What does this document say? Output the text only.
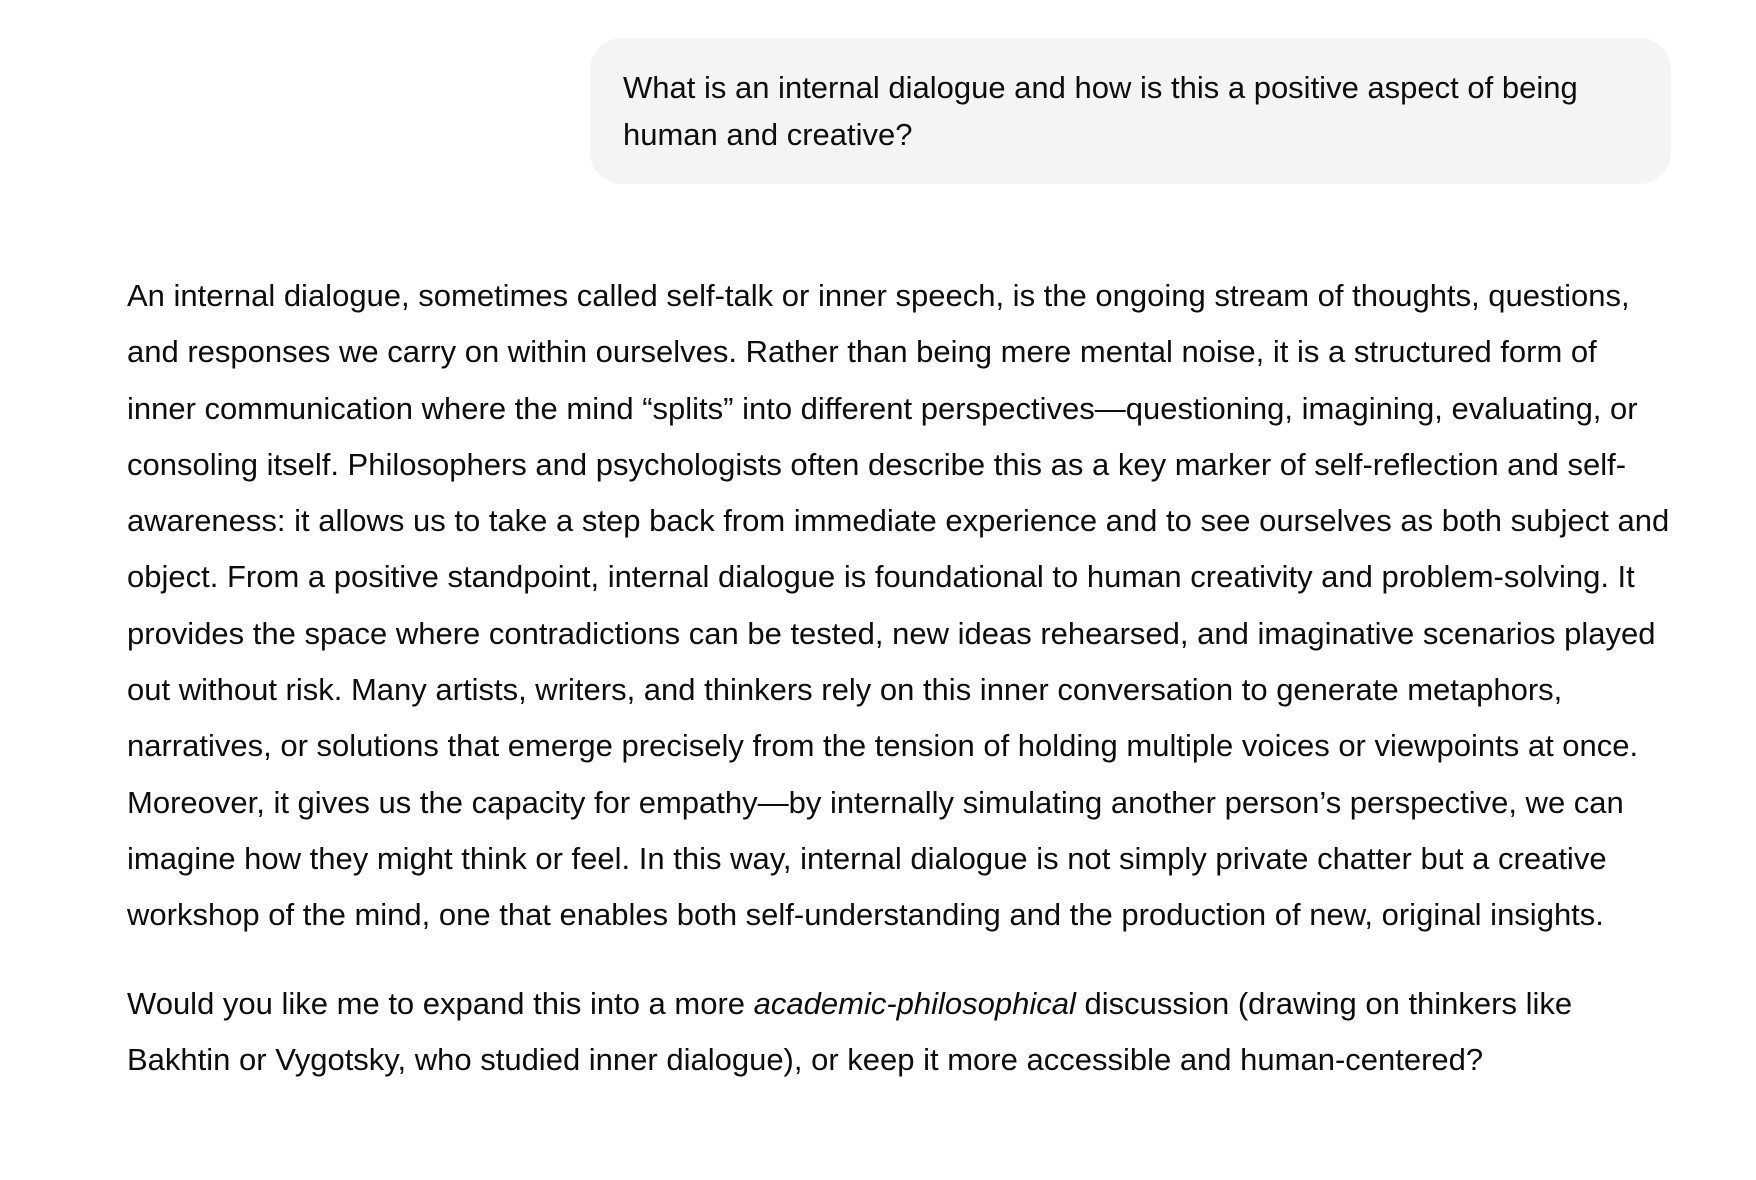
What is an internal dialogue and how is this a positive aspect of being human and creative?

An internal dialogue, sometimes called self-talk or inner speech, is the ongoing stream of thoughts, questions, and responses we carry on within ourselves. Rather than being mere mental noise, it is a structured form of inner communication where the mind “splits” into different perspectives—questioning, imagining, evaluating, or consoling itself. Philosophers and psychologists often describe this as a key marker of self-reflection and self-awareness: it allows us to take a step back from immediate experience and to see ourselves as both subject and object. From a positive standpoint, internal dialogue is foundational to human creativity and problem-solving. It provides the space where contradictions can be tested, new ideas rehearsed, and imaginative scenarios played out without risk. Many artists, writers, and thinkers rely on this inner conversation to generate metaphors, narratives, or solutions that emerge precisely from the tension of holding multiple voices or viewpoints at once. Moreover, it gives us the capacity for empathy—by internally simulating another person’s perspective, we can imagine how they might think or feel. In this way, internal dialogue is not simply private chatter but a creative workshop of the mind, one that enables both self-understanding and the production of new, original insights.

Would you like me to expand this into a more academic-philosophical discussion (drawing on thinkers like Bakhtin or Vygotsky, who studied inner dialogue), or keep it more accessible and human-centered?
